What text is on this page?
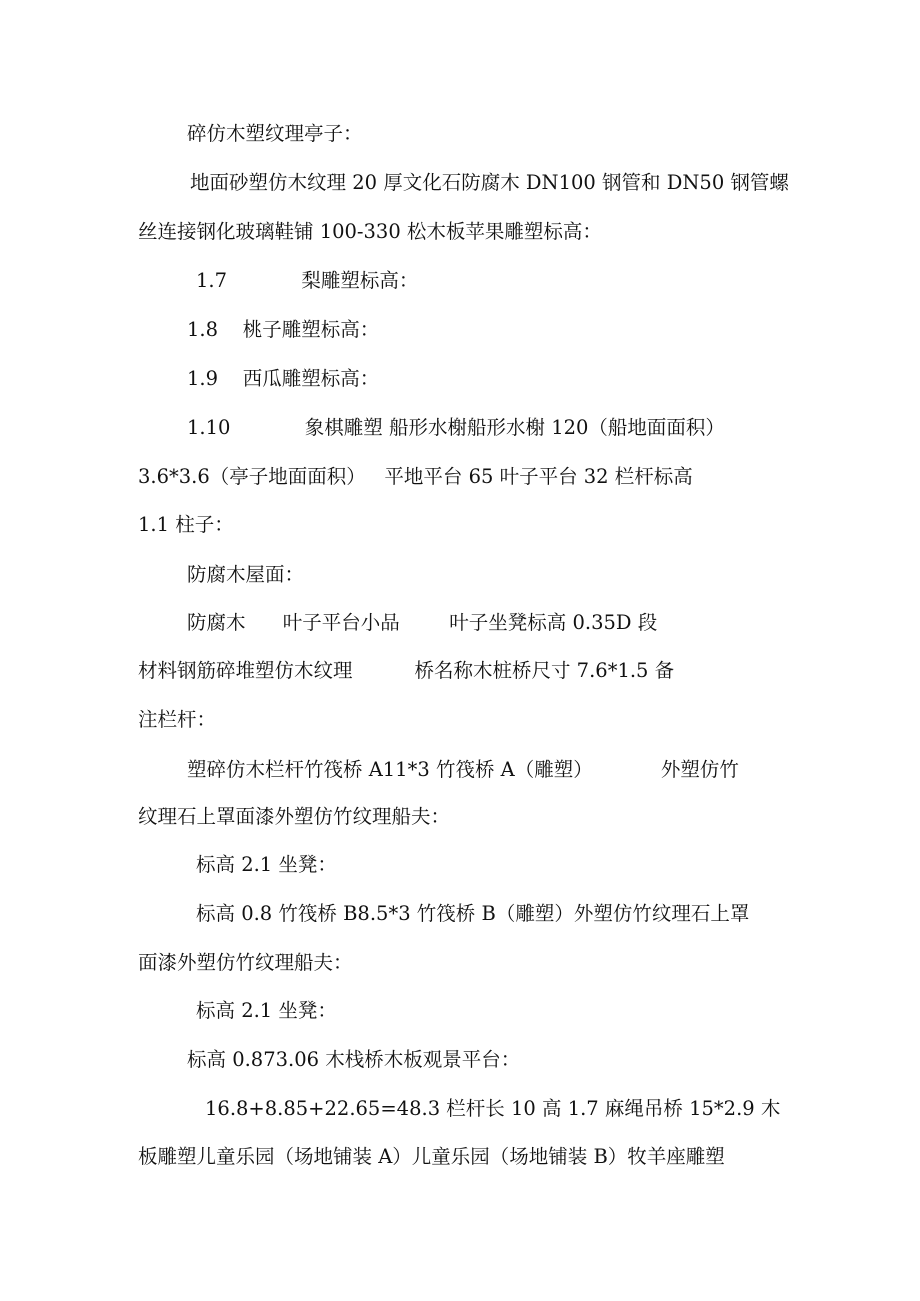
碎仿木塑纹理亭子：
地面砂塑仿木纹理 20 厚文化石防腐木 DN100 钢管和 DN50 钢管螺
丝连接钢化玻璃鞋铺 100-330 松木板苹果雕塑标高：
1.7            梨雕塑标高：
1.8    桃子雕塑标高：
1.9    西瓜雕塑标高：
1.10            象棋雕塑 船形水榭船形水榭 120（船地面面积）
3.6*3.6（亭子地面面积）   平地平台 65 叶子平台 32 栏杆标高
1.1 柱子：
防腐木屋面：
防腐木      叶子平台小品        叶子坐凳标高 0.35D 段
材料钢筋碎堆塑仿木纹理          桥名称木桩桥尺寸 7.6*1.5 备
注栏杆：
塑碎仿木栏杆竹筏桥 A11*3 竹筏桥 A（雕塑）           外塑仿竹
纹理石上罩面漆外塑仿竹纹理船夫：
标高 2.1 坐凳：
标高 0.8 竹筏桥 B8.5*3 竹筏桥 B（雕塑）外塑仿竹纹理石上罩
面漆外塑仿竹纹理船夫：
标高 2.1 坐凳：
标高 0.873.06 木栈桥木板观景平台：
16.8+8.85+22.65=48.3 栏杆长 10 高 1.7 麻绳吊桥 15*2.9 木
板雕塑儿童乐园（场地铺装 A）儿童乐园（场地铺装 B）牧羊座雕塑
